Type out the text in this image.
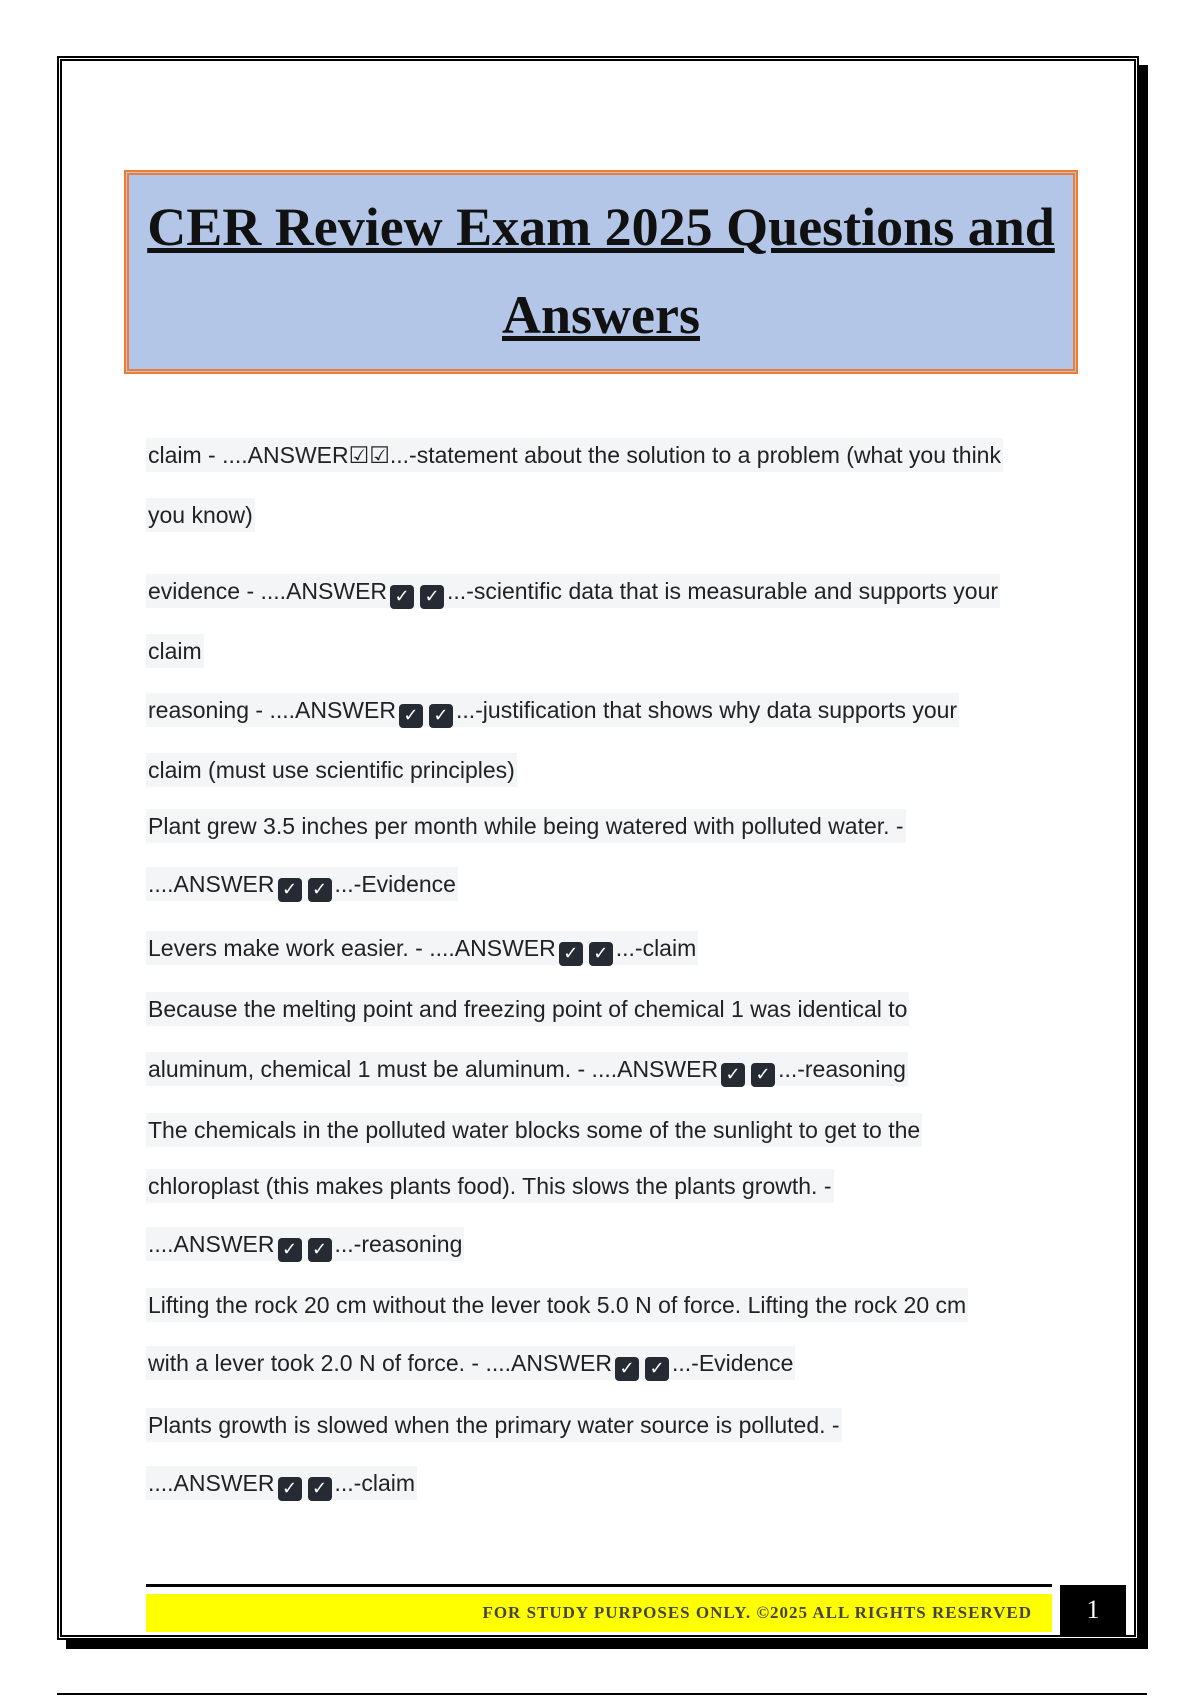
CER Review Exam 2025 Questions and
Answers
claim - ....ANSWER☑☑...-statement about the solution to a problem (what you think
you know)
evidence - ....ANSWER ✓ ✓ ...-scientific data that is measurable and supports your
claim
reasoning - ....ANSWER ✓ ✓ ...-justification that shows why data supports your
claim (must use scientific principles)
Plant grew 3.5 inches per month while being watered with polluted water. -
....ANSWER ✓ ✓ ...-Evidence
Levers make work easier. - ....ANSWER ✓ ✓ ...-claim
Because the melting point and freezing point of chemical 1 was identical to
aluminum, chemical 1 must be aluminum. - ....ANSWER ✓ ✓ ...-reasoning
The chemicals in the polluted water blocks some of the sunlight to get to the
chloroplast (this makes plants food). This slows the plants growth. -
....ANSWER ✓ ✓ ...-reasoning
Lifting the rock 20 cm without the lever took 5.0 N of force. Lifting the rock 20 cm
with a lever took 2.0 N of force. - ....ANSWER ✓ ✓ ...-Evidence
Plants growth is slowed when the primary water source is polluted. -
....ANSWER ✓ ✓ ...-claim
FOR STUDY PURPOSES ONLY. ©2025 ALL RIGHTS RESERVED	1
